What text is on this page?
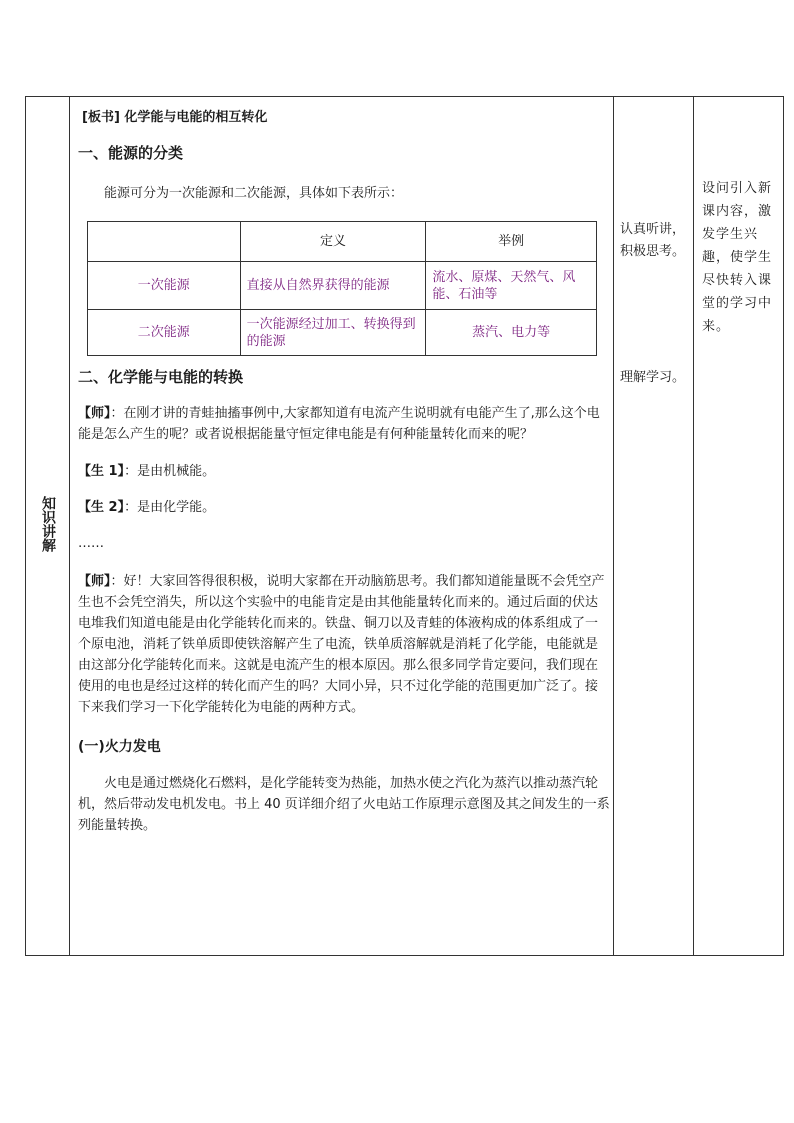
知识讲解	

[板书] 化学能与电能的相互转化

一、能源的分类

能源可分为一次能源和二次能源，具体如下表所示：

	定义	举例
一次能源	直接从自然界获得的能源	流水、原煤、天然气、风能、石油等
二次能源	一次能源经过加工、转换得到的能源	蒸汽、电力等

二、化学能与电能的转换

【师】：在刚才讲的青蛙抽搐事例中,大家都知道有电流产生说明就有电能产生了,那么这个电能是怎么产生的呢？或者说根据能量守恒定律电能是有何种能量转化而来的呢？

【生 1】：是由机械能。

【生 2】：是由化学能。

……

【师】：好！大家回答得很积极，说明大家都在开动脑筋思考。我们都知道能量既不会凭空产生也不会凭空消失，所以这个实验中的电能肯定是由其他能量转化而来的。通过后面的伏达电堆我们知道电能是由化学能转化而来的。铁盘、铜刀以及青蛙的体液构成的体系组成了一个原电池，消耗了铁单质即使铁溶解产生了电流，铁单质溶解就是消耗了化学能，电能就是由这部分化学能转化而来。这就是电流产生的根本原因。那么很多同学肯定要问，我们现在使用的电也是经过这样的转化而产生的吗？大同小异，只不过化学能的范围更加广泛了。接下来我们学习一下化学能转化为电能的两种方式。

(一)火力发电

火电是通过燃烧化石燃料，是化学能转变为热能，加热水使之汽化为蒸汽以推动蒸汽轮机，然后带动发电机发电。书上 40 页详细介绍了火电站工作原理示意图及其之间发生的一系列能量转换。

认真听讲，积极思考。
理解学习。

设问引入新课内容，激发学生兴趣，使学生尽快转入课堂的学习中来。
